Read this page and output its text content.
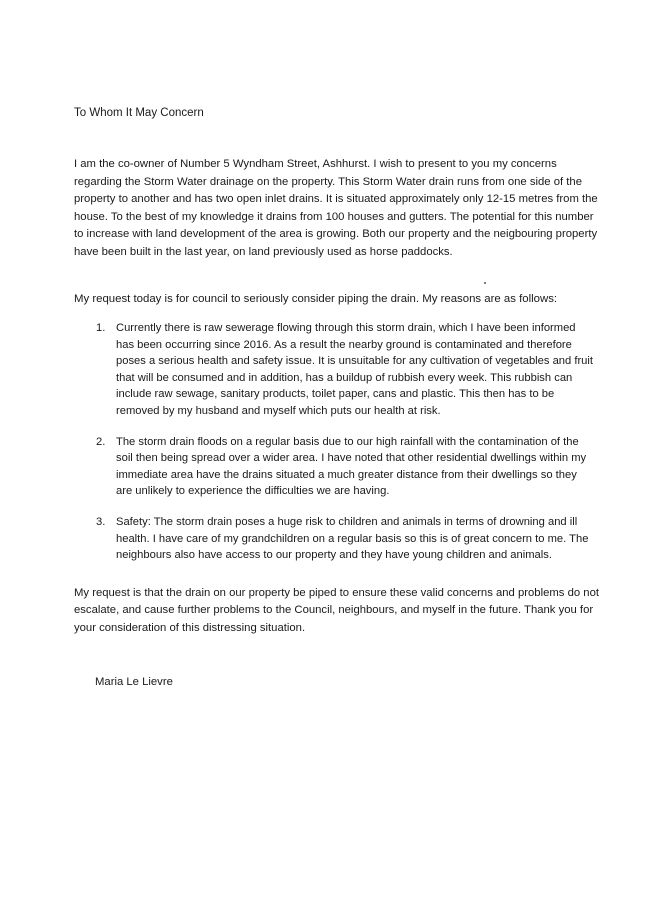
To Whom It May Concern

I am the co-owner of Number 5 Wyndham Street, Ashhurst. I wish to present to you my concerns regarding the Storm Water drainage on the property. This Storm Water drain runs from one side of the property to another and has two open inlet drains. It is situated approximately only 12-15 metres from the house. To the best of my knowledge it drains from 100 houses and gutters. The potential for this number to increase with land development of the area is growing. Both our property and the neigbouring property have been built in the last year, on land previously used as horse paddocks.

My request today is for council to seriously consider piping the drain. My reasons are as follows:
1. Currently there is raw sewerage flowing through this storm drain, which I have been informed has been occurring since 2016. As a result the nearby ground is contaminated and therefore poses a serious health and safety issue. It is unsuitable for any cultivation of vegetables and fruit that will be consumed and in addition, has a buildup of rubbish every week. This rubbish can include raw sewage, sanitary products, toilet paper, cans and plastic. This then has to be removed by my husband and myself which puts our health at risk.
2. The storm drain floods on a regular basis due to our high rainfall with the contamination of the soil then being spread over a wider area. I have noted that other residential dwellings within my immediate area have the drains situated a much greater distance from their dwellings so they are unlikely to experience the difficulties we are having.
3. Safety: The storm drain poses a huge risk to children and animals in terms of drowning and ill health. I have care of my grandchildren on a regular basis so this is of great concern to me. The neighbours also have access to our property and they have young children and animals.

My request is that the drain on our property be piped to ensure these valid concerns and problems do not escalate, and cause further problems to the Council, neighbours, and myself in the future. Thank you for your consideration of this distressing situation.

Maria Le Lievre
